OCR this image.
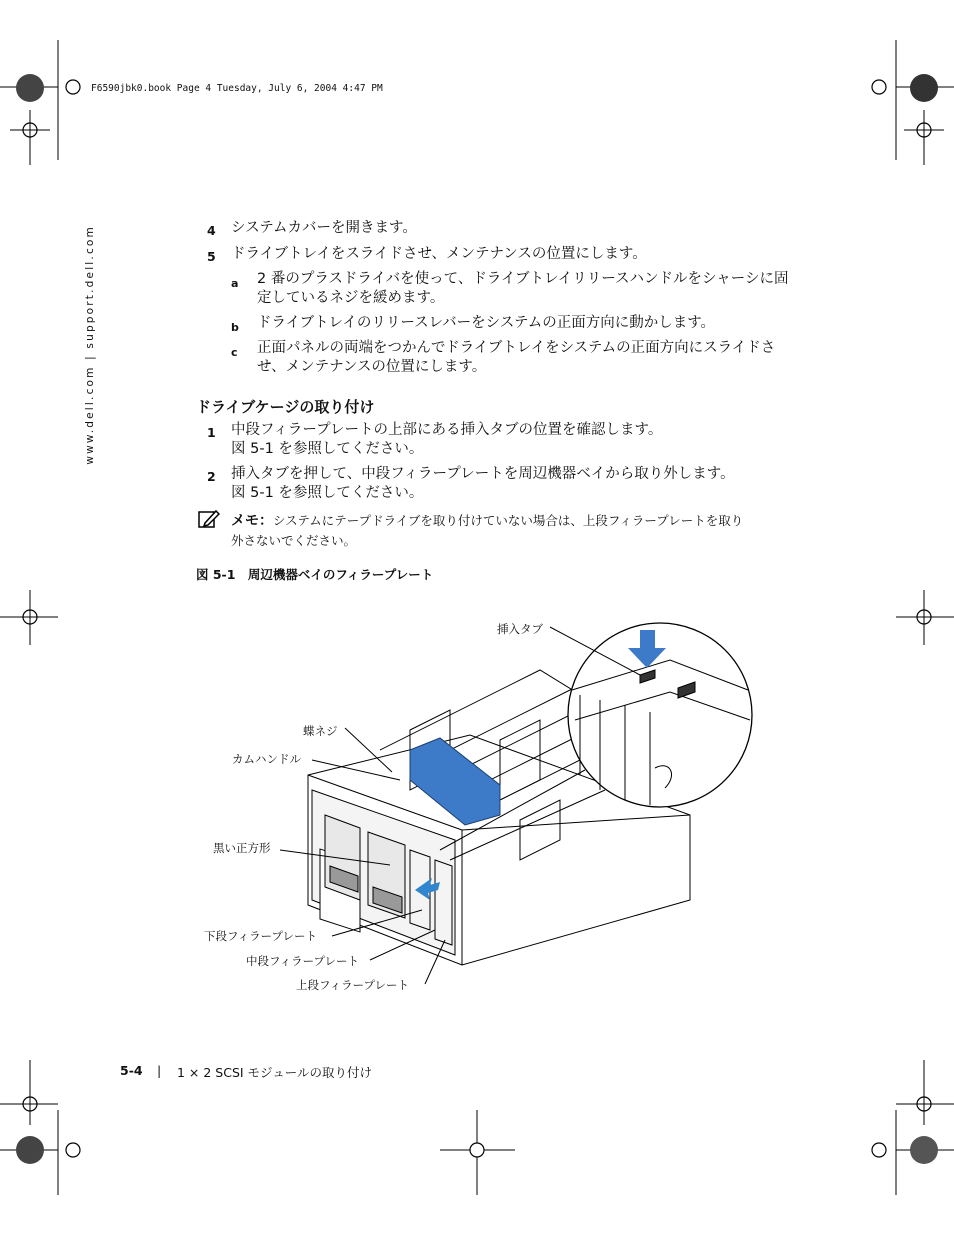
F6590jbk0.book Page 4 Tuesday, July 6, 2004 4:47 PM
www.dell.com | support.dell.com	4 システムカバーを開きます。
5 ドライブトレイをスライドさせ、メンテナンスの位置にします。
a 2 番のプラスドライバを使って、ドライブトレイリリースハンドルをシャーシに固
定しているネジを緩めます。
b ドライブトレイのリリースレバーをシステムの正面方向に動かします。
c 正面パネルの両端をつかんでドライブトレイをシステムの正面方向にスライドさ
せ、メンテナンスの位置にします。
ドライブケージの取り付け
1 中段フィラープレートの上部にある挿入タブの位置を確認します。
図 5-1 を参照してください。
2 挿入タブを押して、中段フィラープレートを周辺機器ベイから取り外します。
図 5-1 を参照してください。
メモ：システムにテープドライブを取り付けていない場合は、上段フィラープレートを取り
外さないでください。
図 5-1　周辺機器ベイのフィラープレート
挿入タブ
蝶ネジ
カムハンドル
黒い正方形
下段フィラープレート
中段フィラープレート
上段フィラープレート
5-4 | 1 × 2 SCSI モジュールの取り付け
